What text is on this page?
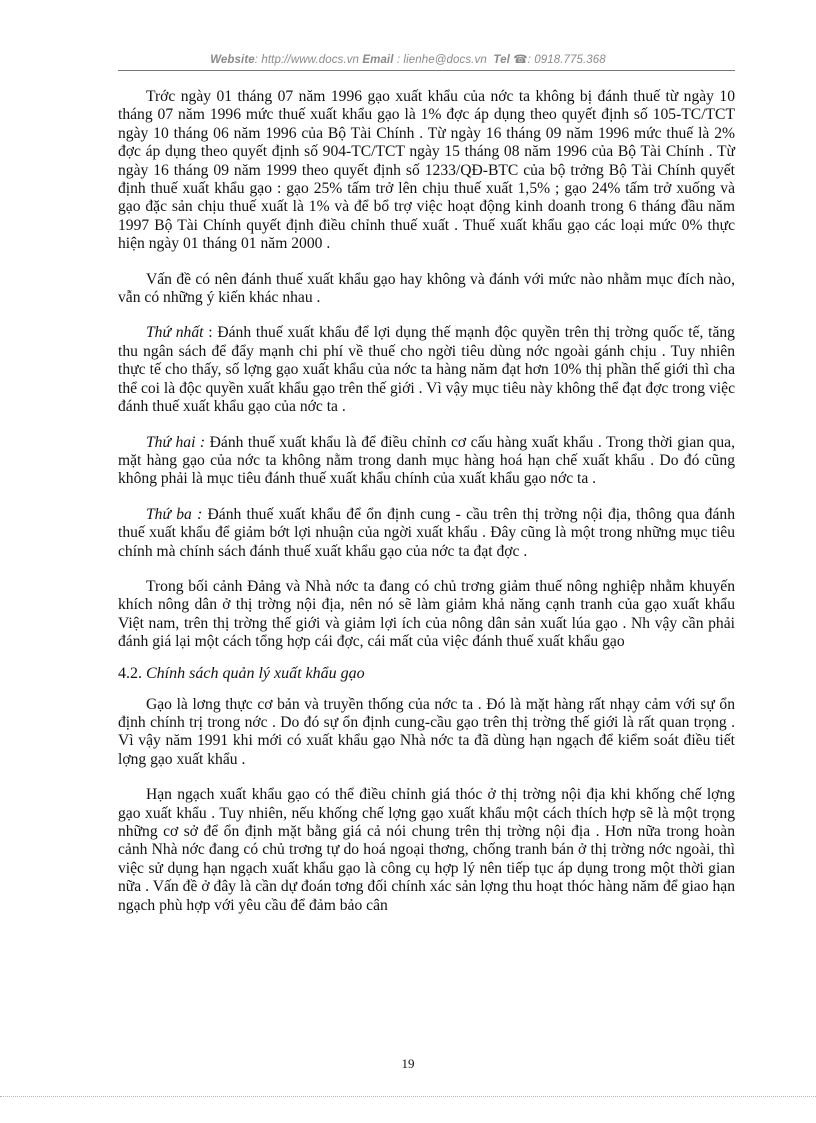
Website: http://www.docs.vn Email : lienhe@docs.vn Tel ☎: 0918.775.368

Trớc ngày 01 tháng 07 năm 1996 gạo xuất khẩu của nớc ta không bị đánh thuế từ ngày 10 tháng 07 năm 1996 mức thuế xuất khẩu gạo là 1% đợc áp dụng theo quyết định số 105-TC/TCT ngày 10 tháng 06 năm 1996 của Bộ Tài Chính . Từ ngày 16 tháng 09 năm 1996 mức thuế là 2% đợc áp dụng theo quyết định số 904-TC/TCT ngày 15 tháng 08 năm 1996 của Bộ Tài Chính . Từ ngày 16 tháng 09 năm 1999 theo quyết định số 1233/QĐ-BTC của bộ trởng Bộ Tài Chính quyết định thuế xuất khẩu gạo : gạo 25% tấm trở lên chịu thuế xuất 1,5% ; gạo 24% tấm trở xuống và gạo đặc sản chịu thuế xuất là 1% và để bổ trợ việc hoạt động kinh doanh trong 6 tháng đầu năm 1997 Bộ Tài Chính quyết định điều chỉnh thuế xuất . Thuế xuất khẩu gạo các loại mức 0% thực hiện ngày 01 tháng 01 năm 2000 .

Vấn đề có nên đánh thuế xuất khẩu gạo hay không và đánh với mức nào nhằm mục đích nào, vẫn có những ý kiến khác nhau .

Thứ nhất : Đánh thuế xuất khẩu để lợi dụng thế mạnh độc quyền trên thị trờng quốc tế, tăng thu ngân sách để đẩy mạnh chi phí về thuế cho ngời tiêu dùng nớc ngoài gánh chịu . Tuy nhiên thực tế cho thấy, số lợng gạo xuất khẩu của nớc ta hàng năm đạt hơn 10% thị phần thế giới thì cha thể coi là độc quyền xuất khẩu gạo trên thế giới . Vì vậy mục tiêu này không thể đạt đợc trong việc đánh thuế xuất khẩu gạo của nớc ta .

Thứ hai : Đánh thuế xuất khẩu là để điều chỉnh cơ cấu hàng xuất khẩu . Trong thời gian qua, mặt hàng gạo của nớc ta không nằm trong danh mục hàng hoá hạn chế xuất khẩu . Do đó cũng không phải là mục tiêu đánh thuế xuất khẩu chính của xuất khẩu gạo nớc ta .

Thứ ba : Đánh thuế xuất khẩu để ổn định cung - cầu trên thị trờng nội địa, thông qua đánh thuế xuất khẩu để giảm bớt lợi nhuận của ngời xuất khẩu . Đây cũng là một trong những mục tiêu chính mà chính sách đánh thuế xuất khẩu gạo của nớc ta đạt đợc .

Trong bối cảnh Đảng và Nhà nớc ta đang có chủ trơng giảm thuế nông nghiệp nhằm khuyến khích nông dân ở thị trờng nội địa, nên nó sẽ làm giảm khả năng cạnh tranh của gạo xuất khẩu Việt nam, trên thị trờng thế giới và giảm lợi ích của nông dân sản xuất lúa gạo . Nh vậy cần phải đánh giá lại một cách tổng hợp cái đợc, cái mất của việc đánh thuế xuất khẩu gạo

4.2. Chính sách quản lý xuất khẩu gạo

Gạo là lơng thực cơ bản và truyền thống của nớc ta . Đó là mặt hàng rất nhạy cảm với sự ổn định chính trị trong nớc . Do đó sự ổn định cung-cầu gạo trên thị trờng thế giới là rất quan trọng . Vì vậy năm 1991 khi mới có xuất khẩu gạo Nhà nớc ta đã dùng hạn ngạch để kiểm soát điều tiết lợng gạo xuất khẩu .

Hạn ngạch xuất khẩu gạo có thể điều chỉnh giá thóc ở thị trờng nội địa khi khống chế lợng gạo xuất khẩu . Tuy nhiên, nếu khống chế lợng gạo xuất khẩu một cách thích hợp sẽ là một trọng những cơ sở để ổn định mặt bằng giá cả nói chung trên thị trờng nội địa . Hơn nữa trong hoàn cảnh Nhà nớc đang có chủ trơng tự do hoá ngoại thơng, chống tranh bán ở thị trờng nớc ngoài, thì việc sử dụng hạn ngạch xuất khẩu gạo là công cụ hợp lý nên tiếp tục áp dụng trong một thời gian nữa . Vấn đề ở đây là cần dự đoán tơng đối chính xác sản lợng thu hoạt thóc hàng năm để giao hạn ngạch phù hợp với yêu cầu để đảm bảo cân

19
